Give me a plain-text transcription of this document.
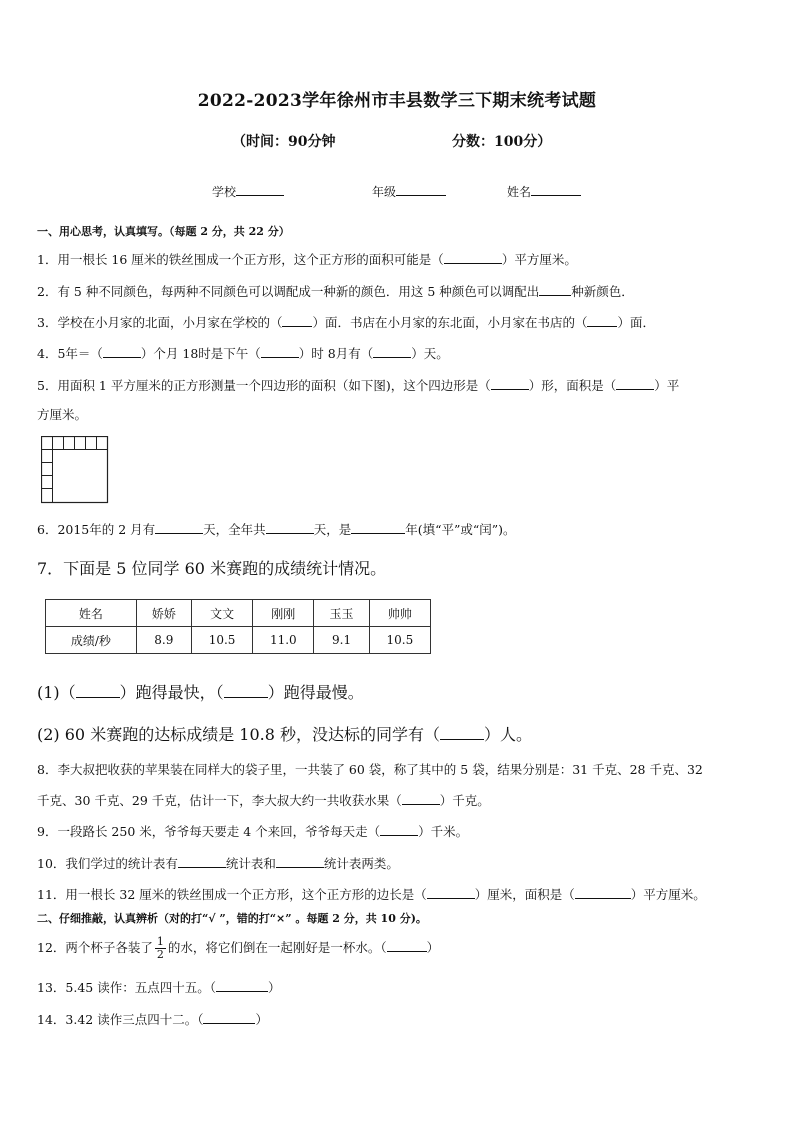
2022-2023学年徐州市丰县数学三下期末统考试题
（时间：90分钟	分数：100分）
学校	年级	姓名
一、用心思考，认真填写。（每题 2 分，共 22 分）
1．用一根长 16 厘米的铁丝围成一个正方形，这个正方形的面积可能是（	）平方厘米。
2．有 5 种不同颜色，每两种不同颜色可以调配成一种新的颜色．用这 5 种颜色可以调配出	种新颜色．
3．学校在小月家的北面，小月家在学校的（ ）面．书店在小月家的东北面，小月家在书店的（ ）面．
4．5年＝（	）个月 18时是下午（	）时 8月有（	）天。
5．用面积 1 平方厘米的正方形测量一个四边形的面积（如下图)，这个四边形是（	）形，面积是（	）平
方厘米。
6．2015年的 2 月有	天，全年共	天，是	年(填“平”或“闰”)。
7．下面是 5 位同学 60 米赛跑的成绩统计情况。
姓名	娇娇	文文	刚刚	玉玉	帅帅
成绩/秒	8.9	10.5	11.0	9.1	10.5
(1)（	）跑得最快，（	）跑得最慢。
(2) 60 米赛跑的达标成绩是 10.8 秒，没达标的同学有（	）人。
8．李大叔把收获的苹果装在同样大的袋子里，一共装了 60 袋，称了其中的 5 袋，结果分别是：31 千克、28 千克、32
千克、30 千克、29 千克，估计一下，李大叔大约一共收获水果（	）千克。
9．一段路长 250 米，爷爷每天要走 4 个来回，爷爷每天走（	）千米。
10．我们学过的统计表有	统计表和	统计表两类。
11．用一根长 32 厘米的铁丝围成一个正方形，这个正方形的边长是（	）厘米，面积是（	）平方厘米。
二、仔细推敲，认真辨析（对的打“√ ”，错的打“×” 。每题 2 分，共 10 分)。
12．两个杯子各装了 $\frac{1}{2}$ 的水，将它们倒在一起刚好是一杯水。（	）
13．5.45 读作：五点四十五。（	）
14．3.42 读作三点四十二。（	）
